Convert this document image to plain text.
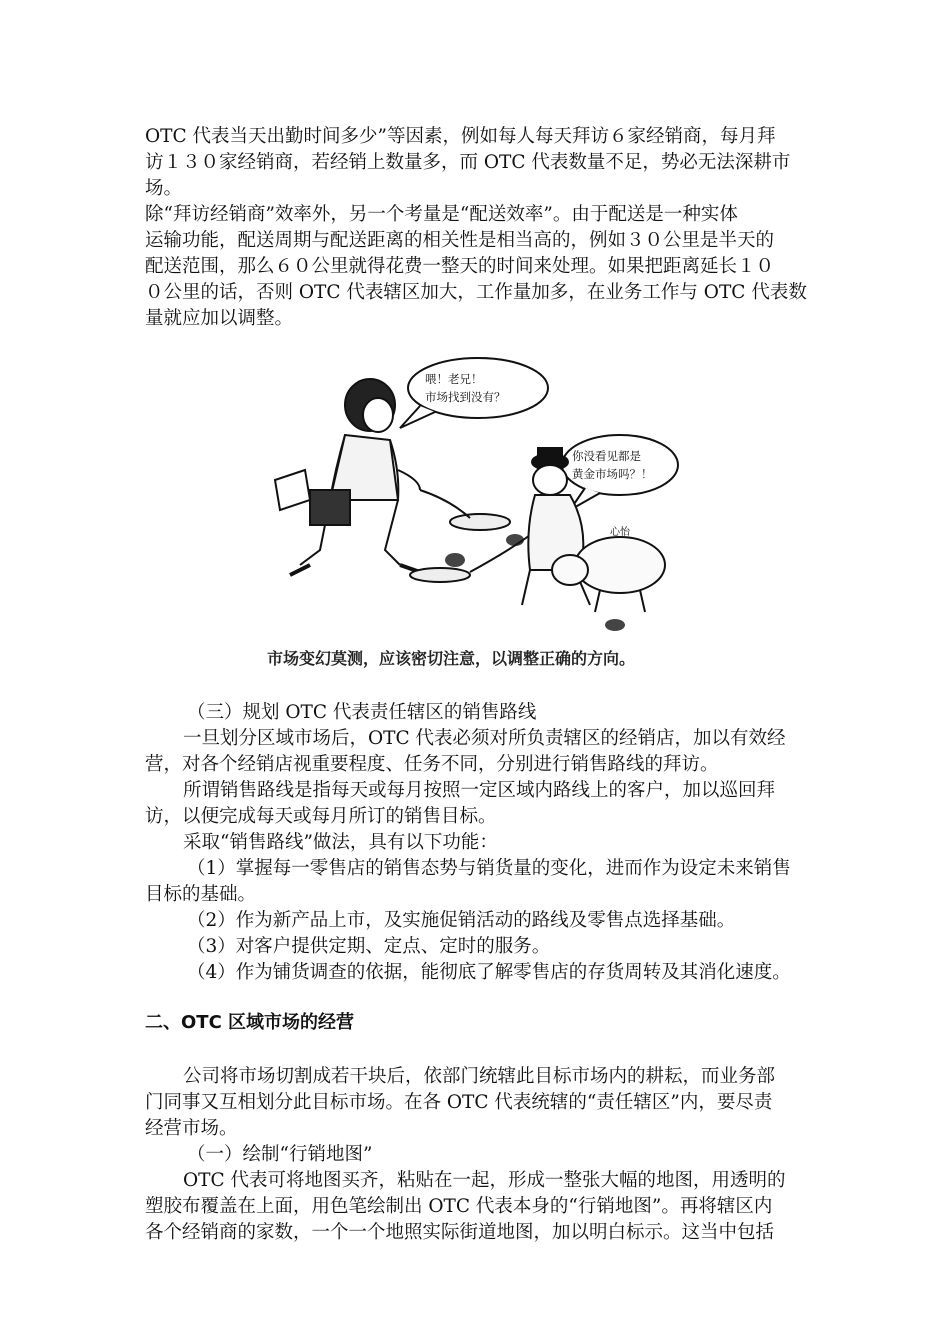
OTC 代表当天出勤时间多少”等因素，例如每人每天拜访６家经销商，每月拜
访１３０家经销商，若经销上数量多，而 OTC 代表数量不足，势必无法深耕市
场。
除“拜访经销商”效率外，另一个考量是“配送效率”。由于配送是一种实体
运输功能，配送周期与配送距离的相关性是相当高的，例如３０公里是半天的
配送范围，那么６０公里就得花费一整天的时间来处理。如果把距离延长１０
０公里的话，否则 OTC 代表辖区加大，工作量加多，在业务工作与 OTC 代表数
量就应加以调整。
喂！老兄！
市场找到没有？
你没看见都是
黄金市场吗？！
心怡
市场变幻莫测，应该密切注意，以调整正确的方向。
（三）规划 OTC 代表责任辖区的销售路线
一旦划分区域市场后，OTC 代表必须对所负责辖区的经销店，加以有效经
营，对各个经销店视重要程度、任务不同，分别进行销售路线的拜访。
所谓销售路线是指每天或每月按照一定区域内路线上的客户，加以巡回拜
访，以便完成每天或每月所订的销售目标。
采取“销售路线”做法，具有以下功能：
（1）掌握每一零售店的销售态势与销货量的变化，进而作为设定未来销售
目标的基础。
（2）作为新产品上市，及实施促销活动的路线及零售点选择基础。
（3）对客户提供定期、定点、定时的服务。
（4）作为铺货调查的依据，能彻底了解零售店的存货周转及其消化速度。
二、OTC 区域市场的经营
公司将市场切割成若干块后，依部门统辖此目标市场内的耕耘，而业务部
门同事又互相划分此目标市场。在各 OTC 代表统辖的“责任辖区”内，要尽责
经营市场。
（一）绘制“行销地图”
OTC 代表可将地图买齐，粘贴在一起，形成一整张大幅的地图，用透明的
塑胶布覆盖在上面，用色笔绘制出 OTC 代表本身的“行销地图”。再将辖区内
各个经销商的家数，一个一个地照实际街道地图，加以明白标示。这当中包括
